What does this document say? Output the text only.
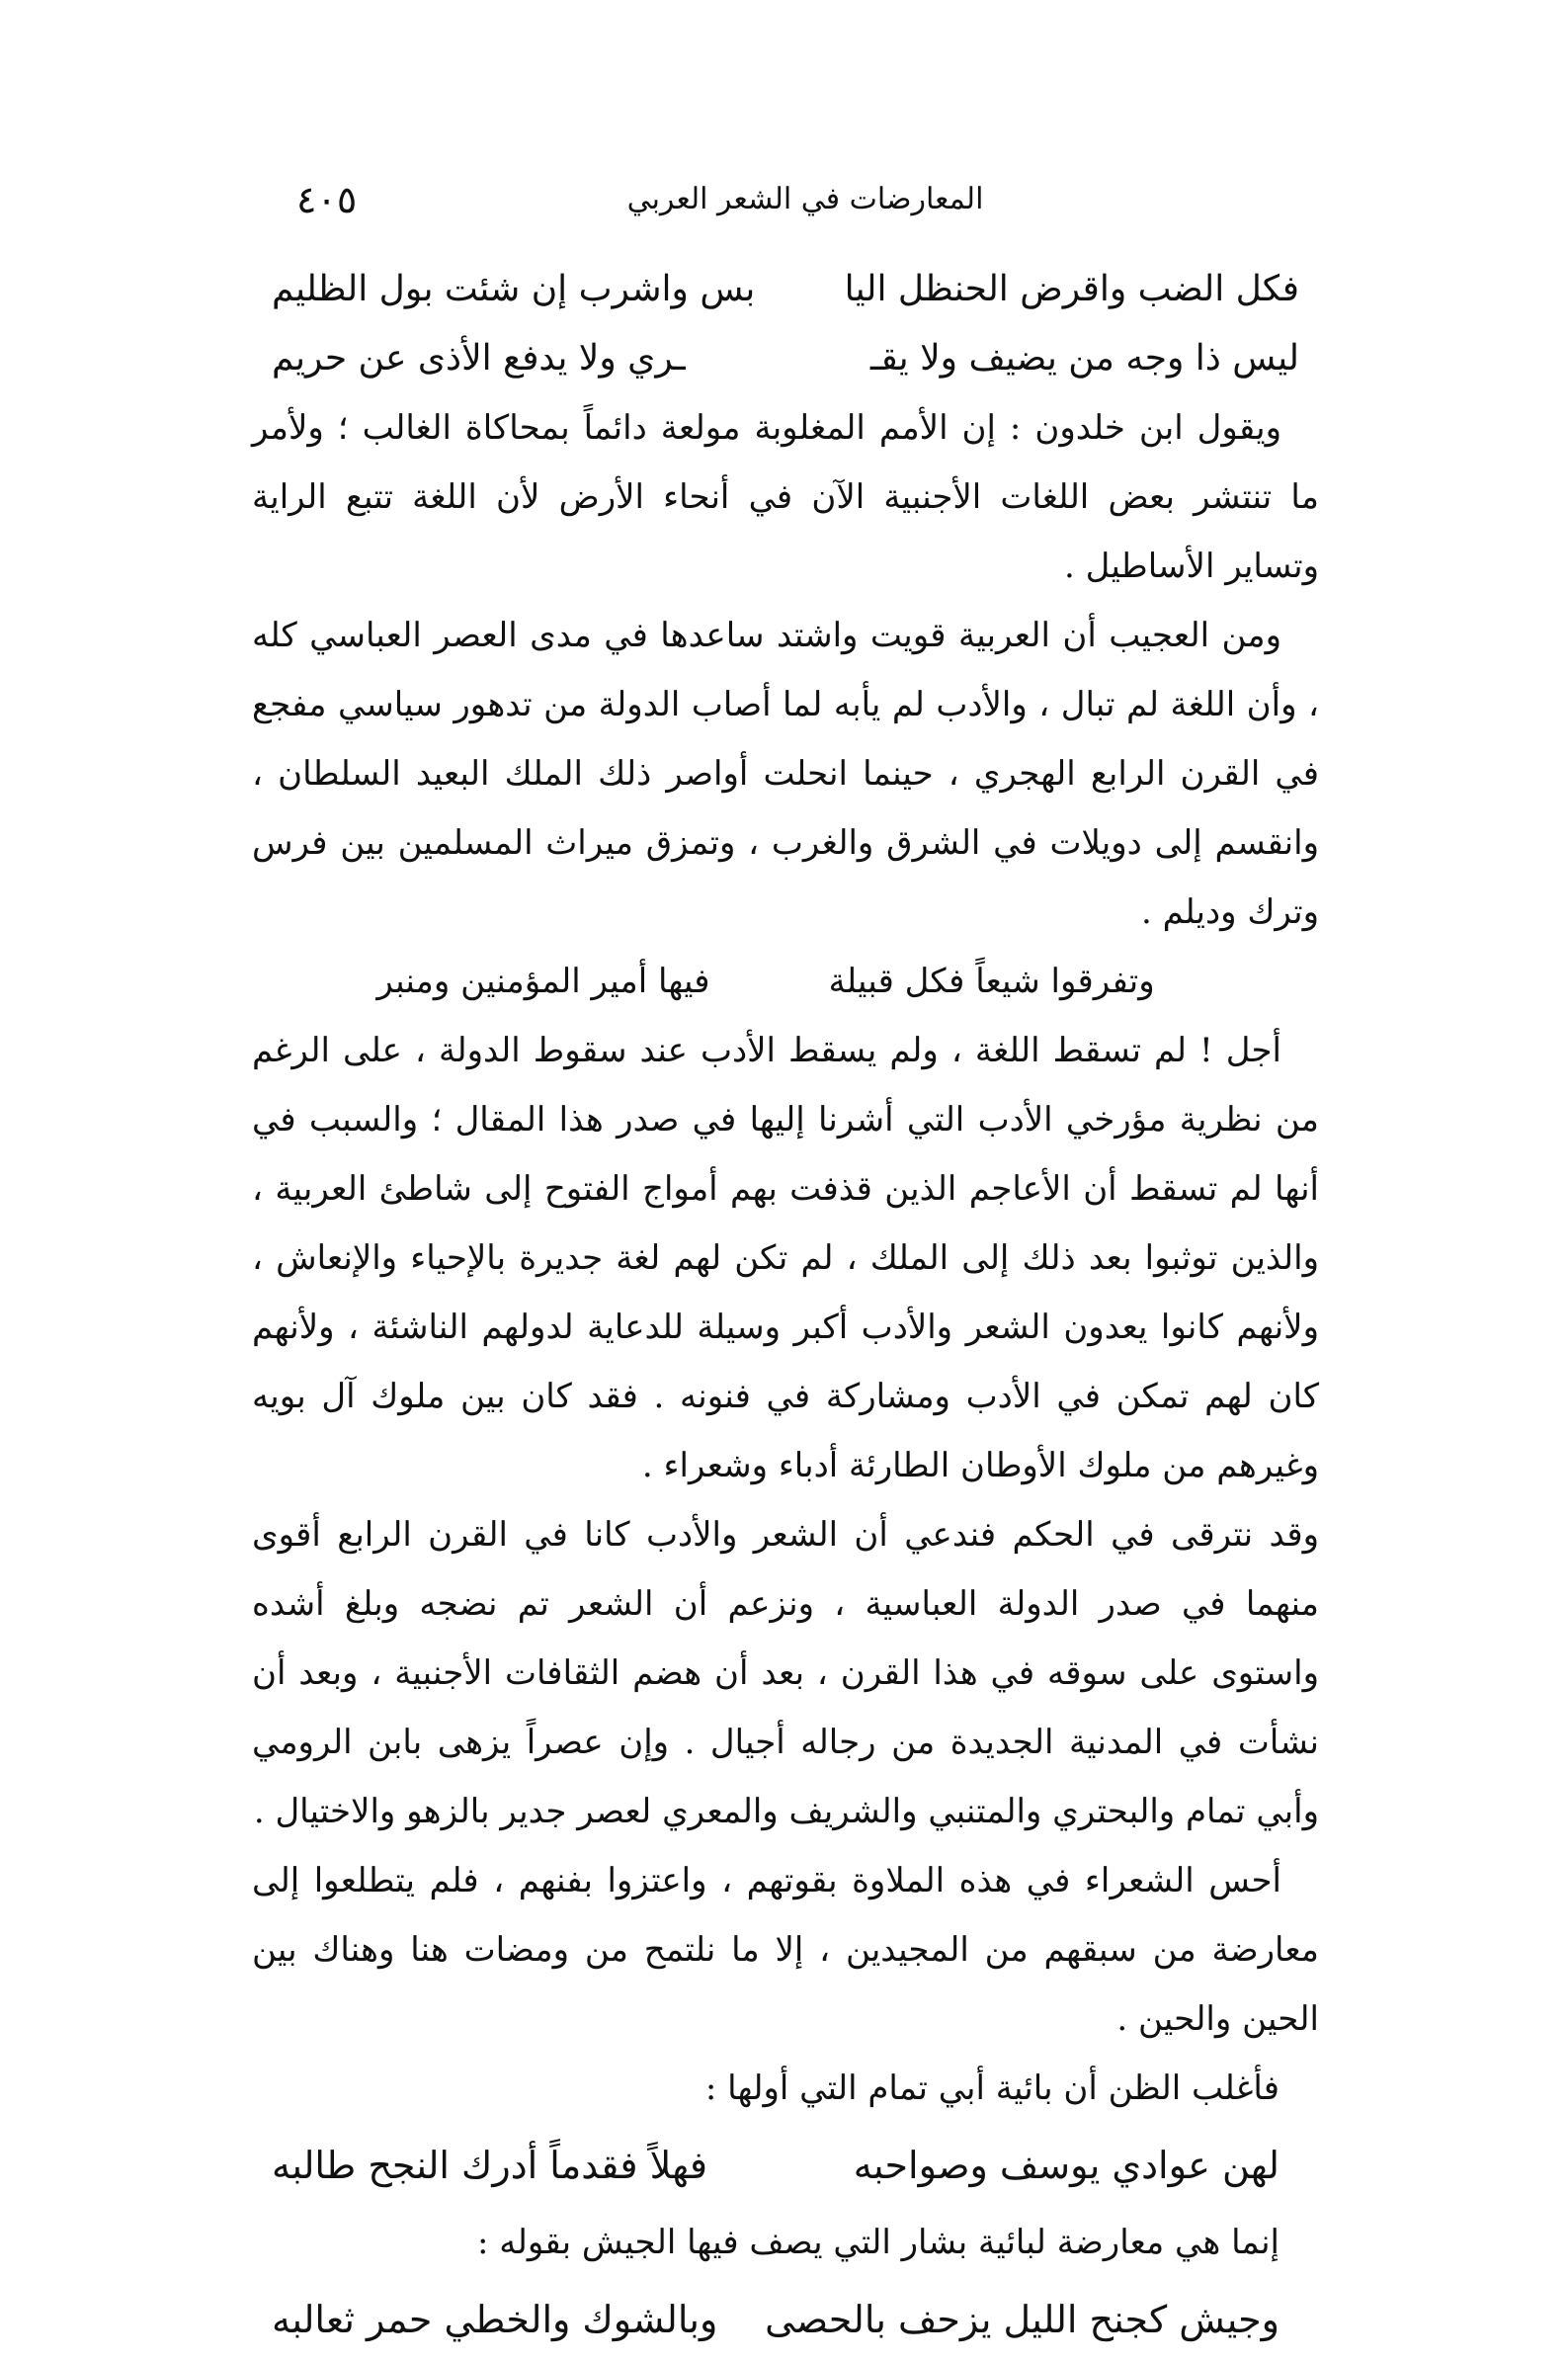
المعارضات في الشعر العربي
٤٠٥
فكل الضب واقرض الحنظل اليا
بس واشرب إن شئت بول الظليم
ليس ذا وجه من يضيف ولا يقـ
ـري ولا يدفع الأذى عن حريم

ويقول ابن خلدون : إن الأمم المغلوبة مولعة دائماً بمحاكاة الغالب ؛ ولأمر ما تنتشر بعض اللغات الأجنبية الآن في أنحاء الأرض لأن اللغة تتبع الراية وتساير الأساطيل .

ومن العجيب أن العربية قويت واشتد ساعدها في مدى العصر العباسي كله ، وأن اللغة لم تبال ، والأدب لم يأبه لما أصاب الدولة من تدهور سياسي مفجع في القرن الرابع الهجري ، حينما انحلت أواصر ذلك الملك البعيد السلطان ، وانقسم إلى دويلات في الشرق والغرب ، وتمزق ميراث المسلمين بين فرس وترك وديلم .

وتفرقوا شيعاً فكل قبيلة
فيها أمير المؤمنين ومنبر

أجل ! لم تسقط اللغة ، ولم يسقط الأدب عند سقوط الدولة ، على الرغم من نظرية مؤرخي الأدب التي أشرنا إليها في صدر هذا المقال ؛ والسبب في أنها لم تسقط أن الأعاجم الذين قذفت بهم أمواج الفتوح إلى شاطئ العربية ، والذين توثبوا بعد ذلك إلى الملك ، لم تكن لهم لغة جديرة بالإحياء والإنعاش ، ولأنهم كانوا يعدون الشعر والأدب أكبر وسيلة للدعاية لدولهم الناشئة ، ولأنهم كان لهم تمكن في الأدب ومشاركة في فنونه . فقد كان بين ملوك آل بويه وغيرهم من ملوك الأوطان الطارئة أدباء وشعراء .

وقد نترقى في الحكم فندعي أن الشعر والأدب كانا في القرن الرابع أقوى منهما في صدر الدولة العباسية ، ونزعم أن الشعر تم نضجه وبلغ أشده واستوى على سوقه في هذا القرن ، بعد أن هضم الثقافات الأجنبية ، وبعد أن نشأت في المدنية الجديدة من رجاله أجيال . وإن عصراً يزهى بابن الرومي وأبي تمام والبحتري والمتنبي والشريف والمعري لعصر جدير بالزهو والاختيال .

أحس الشعراء في هذه الملاوة بقوتهم ، واعتزوا بفنهم ، فلم يتطلعوا إلى معارضة من سبقهم من المجيدين ، إلا ما نلتمح من ومضات هنا وهناك بين الحين والحين .

فأغلب الظن أن بائية أبي تمام التي أولها :

لهن عوادي يوسف وصواحبه
فهلاً فقدماً أدرك النجح طالبه

إنما هي معارضة لبائية بشار التي يصف فيها الجيش بقوله :

وجيش كجنح الليل يزحف بالحصى
وبالشوك والخطي حمر ثعالبه
